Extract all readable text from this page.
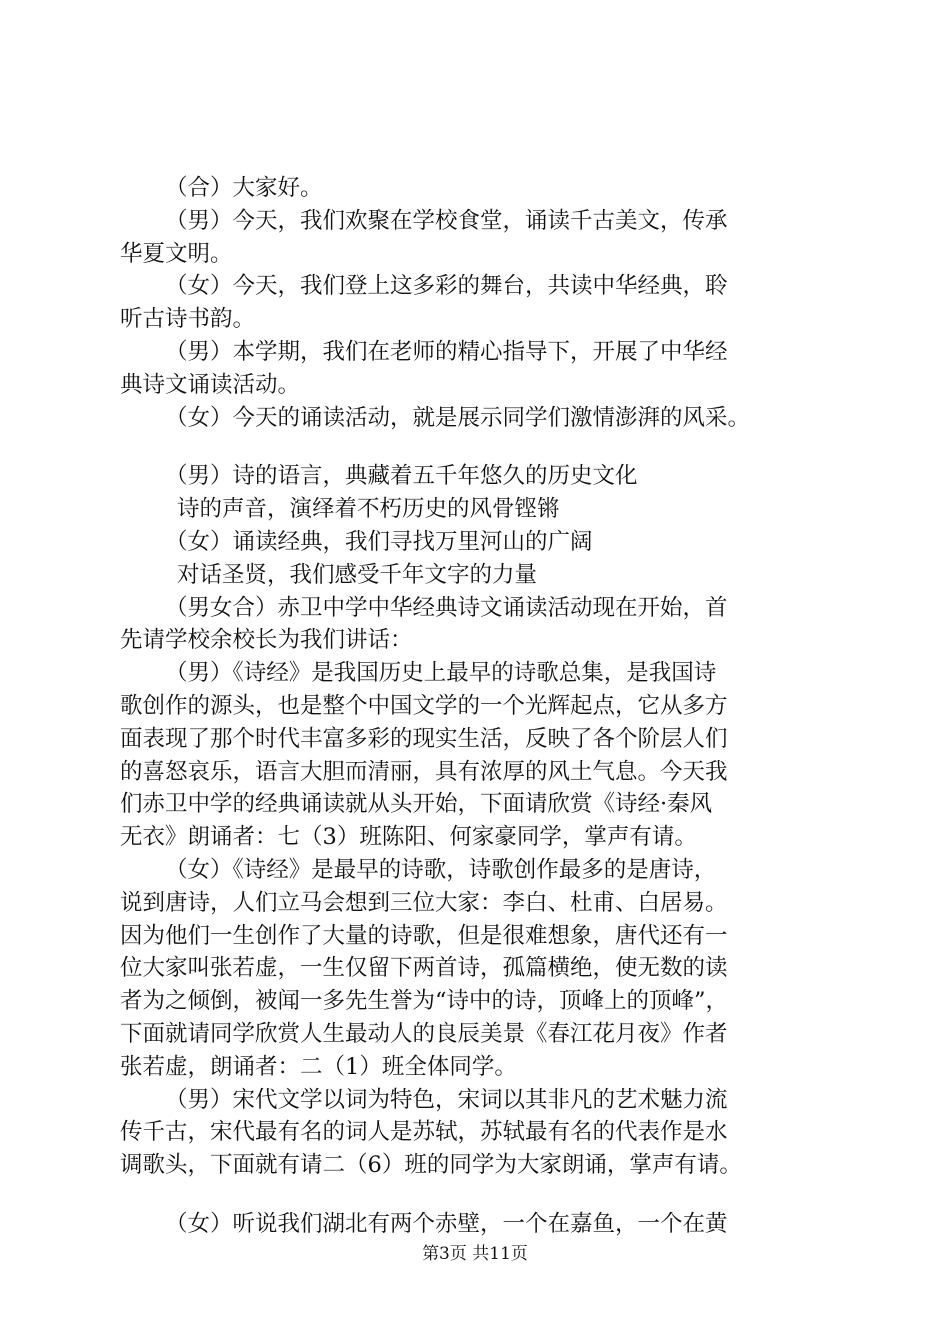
（合）大家好。
（男）今天，我们欢聚在学校食堂，诵读千古美文，传承
华夏文明。
（女）今天，我们登上这多彩的舞台，共读中华经典，聆
听古诗书韵。
（男）本学期，我们在老师的精心指导下，开展了中华经
典诗文诵读活动。
（女）今天的诵读活动，就是展示同学们激情澎湃的风采。
（男）诗的语言，典藏着五千年悠久的历史文化
诗的声音，演绎着不朽历史的风骨铿锵
（女）诵读经典，我们寻找万里河山的广阔
对话圣贤，我们感受千年文字的力量
（男女合）赤卫中学中华经典诗文诵读活动现在开始，首
先请学校余校长为我们讲话：
（男）《诗经》是我国历史上最早的诗歌总集，是我国诗
歌创作的源头，也是整个中国文学的一个光辉起点，它从多方
面表现了那个时代丰富多彩的现实生活，反映了各个阶层人们
的喜怒哀乐，语言大胆而清丽，具有浓厚的风土气息。今天我
们赤卫中学的经典诵读就从头开始，下面请欣赏《诗经·秦风
无衣》朗诵者：七（3）班陈阳、何家豪同学，掌声有请。
（女）《诗经》是最早的诗歌，诗歌创作最多的是唐诗，
说到唐诗，人们立马会想到三位大家：李白、杜甫、白居易。
因为他们一生创作了大量的诗歌，但是很难想象，唐代还有一
位大家叫张若虚，一生仅留下两首诗，孤篇横绝，使无数的读
者为之倾倒，被闻一多先生誉为“诗中的诗，顶峰上的顶峰”，
下面就请同学欣赏人生最动人的良辰美景《春江花月夜》作者
张若虚，朗诵者：二（1）班全体同学。
（男）宋代文学以词为特色，宋词以其非凡的艺术魅力流
传千古，宋代最有名的词人是苏轼，苏轼最有名的代表作是水
调歌头，下面就有请二（6）班的同学为大家朗诵，掌声有请。
（女）听说我们湖北有两个赤壁，一个在嘉鱼，一个在黄
第3页 共11页
